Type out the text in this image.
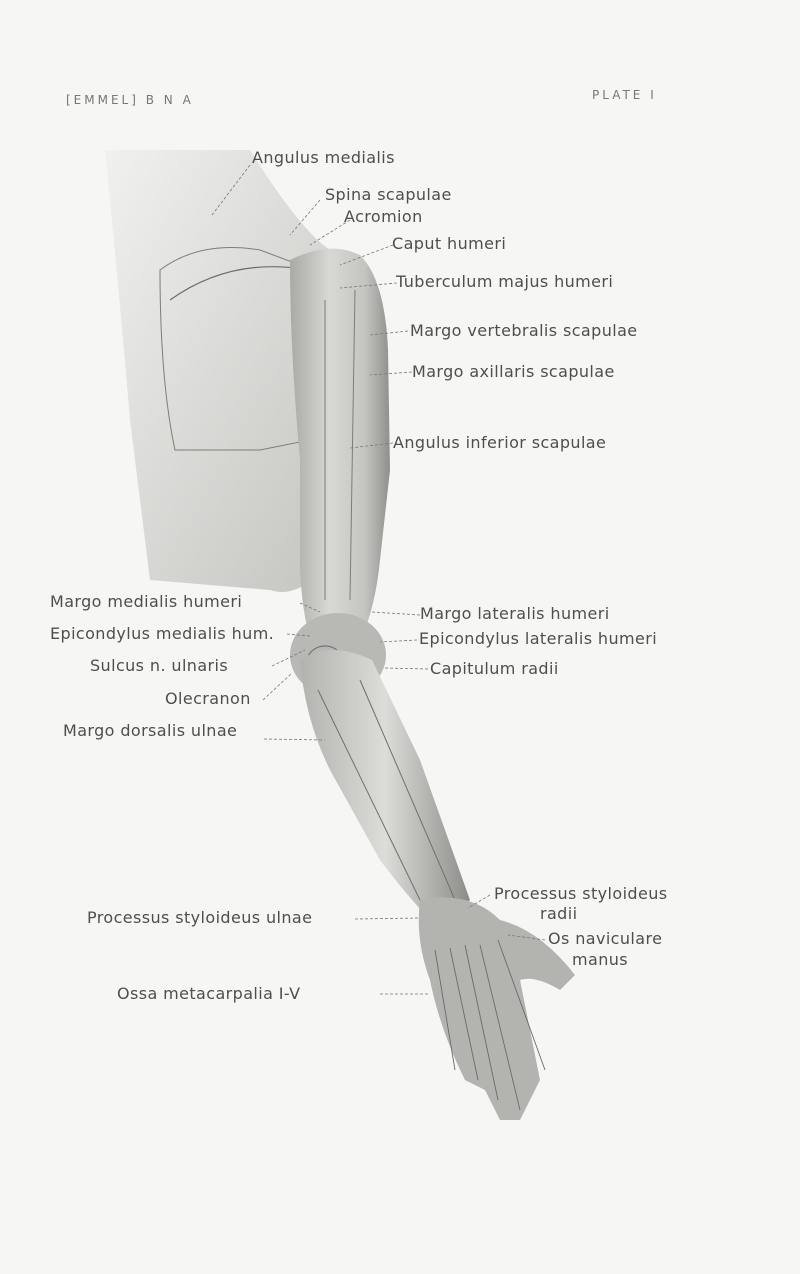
[EMMEL] B N A	PLATE I
Angulus medialis
Spina scapulae
Acromion
Caput humeri
Tuberculum majus humeri
Margo vertebralis scapulae
Margo axillaris scapulae
Angulus inferior scapulae
Margo medialis humeri
Epicondylus medialis hum.
Sulcus n. ulnaris
Olecranon
Margo dorsalis ulnae
Margo lateralis humeri
Epicondylus lateralis humeri
Capitulum radii
Processus styloideus ulnae
Processus styloideus
radii
Os naviculare
manus
Ossa metacarpalia I-V
